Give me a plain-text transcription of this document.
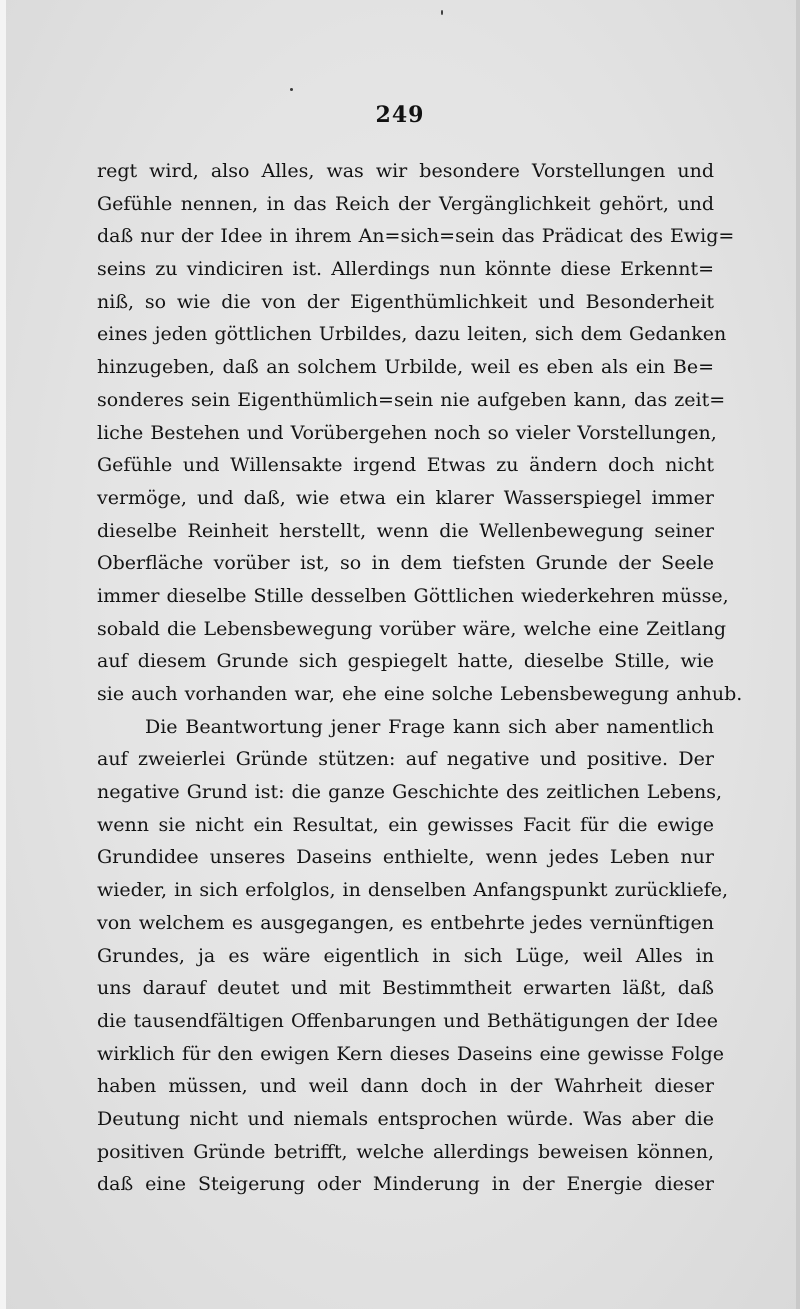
249
regt wird, also Alles, was wir besondere Vorstellungen und
Gefühle nennen, in das Reich der Vergänglichkeit gehört, und
daß nur der Idee in ihrem An=sich=sein das Prädicat des Ewig=
seins zu vindiciren ist. Allerdings nun könnte diese Erkennt=
niß, so wie die von der Eigenthümlichkeit und Besonderheit
eines jeden göttlichen Urbildes, dazu leiten, sich dem Gedanken
hinzugeben, daß an solchem Urbilde, weil es eben als ein Be=
sonderes sein Eigenthümlich=sein nie aufgeben kann, das zeit=
liche Bestehen und Vorübergehen noch so vieler Vorstellungen,
Gefühle und Willensakte irgend Etwas zu ändern doch nicht
vermöge, und daß, wie etwa ein klarer Wasserspiegel immer
dieselbe Reinheit herstellt, wenn die Wellenbewegung seiner
Oberfläche vorüber ist, so in dem tiefsten Grunde der Seele
immer dieselbe Stille desselben Göttlichen wiederkehren müsse,
sobald die Lebensbewegung vorüber wäre, welche eine Zeitlang
auf diesem Grunde sich gespiegelt hatte, dieselbe Stille, wie
sie auch vorhanden war, ehe eine solche Lebensbewegung anhub.
Die Beantwortung jener Frage kann sich aber namentlich
auf zweierlei Gründe stützen: auf negative und positive. Der
negative Grund ist: die ganze Geschichte des zeitlichen Lebens,
wenn sie nicht ein Resultat, ein gewisses Facit für die ewige
Grundidee unseres Daseins enthielte, wenn jedes Leben nur
wieder, in sich erfolglos, in denselben Anfangspunkt zurückliefe,
von welchem es ausgegangen, es entbehrte jedes vernünftigen
Grundes, ja es wäre eigentlich in sich Lüge, weil Alles in
uns darauf deutet und mit Bestimmtheit erwarten läßt, daß
die tausendfältigen Offenbarungen und Bethätigungen der Idee
wirklich für den ewigen Kern dieses Daseins eine gewisse Folge
haben müssen, und weil dann doch in der Wahrheit dieser
Deutung nicht und niemals entsprochen würde. Was aber die
positiven Gründe betrifft, welche allerdings beweisen können,
daß eine Steigerung oder Minderung in der Energie dieser
